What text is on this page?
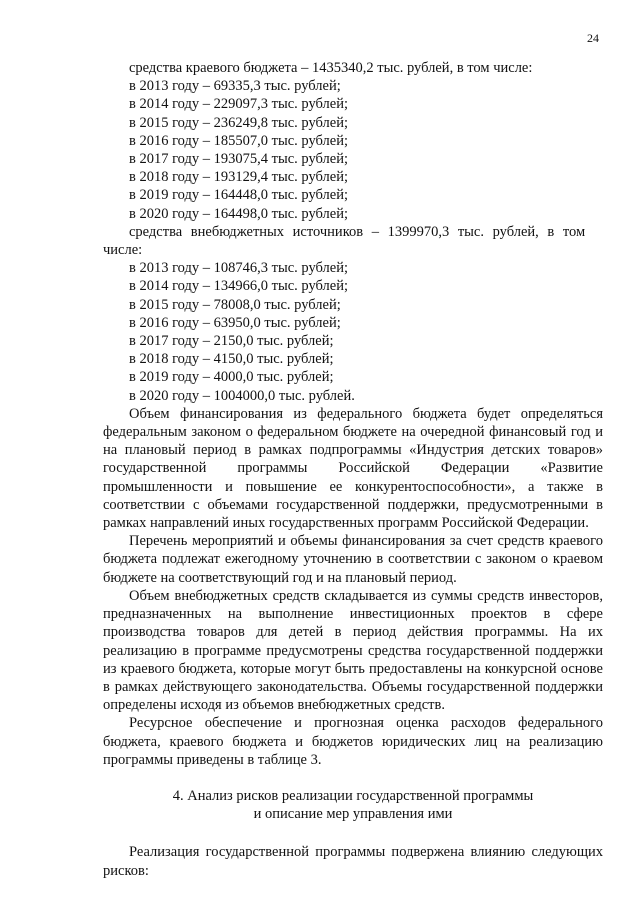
24
средства краевого бюджета – 1435340,2 тыс. рублей, в том числе:
в 2013 году – 69335,3 тыс. рублей;
в 2014 году – 229097,3 тыс. рублей;
в 2015 году – 236249,8 тыс. рублей;
в 2016 году – 185507,0 тыс. рублей;
в 2017 году – 193075,4 тыс. рублей;
в 2018 году – 193129,4 тыс. рублей;
в 2019 году – 164448,0 тыс. рублей;
в 2020 году – 164498,0 тыс. рублей;
средства внебюджетных источников – 1399970,3 тыс. рублей, в том
числе:
в 2013 году – 108746,3 тыс. рублей;
в 2014 году – 134966,0 тыс. рублей;
в 2015 году – 78008,0 тыс. рублей;
в 2016 году – 63950,0 тыс. рублей;
в 2017 году – 2150,0 тыс. рублей;
в 2018 году – 4150,0 тыс. рублей;
в 2019 году – 4000,0 тыс. рублей;
в 2020 году – 1004000,0 тыс. рублей.

Объем финансирования из федерального бюджета будет определяться федеральным законом о федеральном бюджете на очередной финансовый год и на плановый период в рамках подпрограммы «Индустрия детских товаров» государственной программы Российской Федерации «Развитие промышленности и повышение ее конкурентоспособности», а также в соответствии с объемами государственной поддержки, предусмотренными в рамках направлений иных государственных программ Российской Федерации.

Перечень мероприятий и объемы финансирования за счет средств краевого бюджета подлежат ежегодному уточнению в соответствии с законом о краевом бюджете на соответствующий год и на плановый период.

Объем внебюджетных средств складывается из суммы средств инвесторов, предназначенных на выполнение инвестиционных проектов в сфере производства товаров для детей в период действия программы. На их реализацию в программе предусмотрены средства государственной поддержки из краевого бюджета, которые могут быть предоставлены на конкурсной основе в рамках действующего законодательства. Объемы государственной поддержки определены исходя из объемов внебюджетных средств.

Ресурсное обеспечение и прогнозная оценка расходов федерального бюджета, краевого бюджета и бюджетов юридических лиц на реализацию программы приведены в таблице 3.

4. Анализ рисков реализации государственной программы
и описание мер управления ими

Реализация государственной программы подвержена влиянию следующих рисков:
